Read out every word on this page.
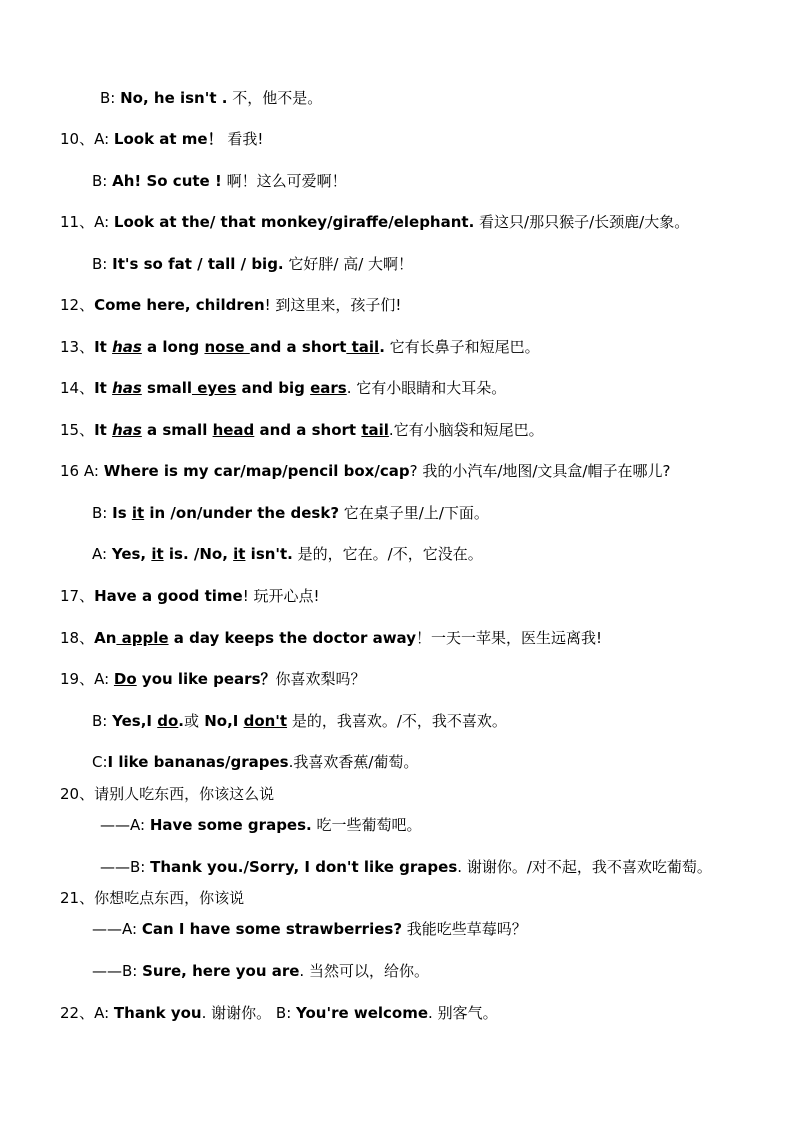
B: No, he isn't . 不，他不是。
10、A: Look at me！ 看我!
B: Ah! So cute ! 啊！这么可爱啊！
11、A: Look at the/ that monkey/giraffe/elephant. 看这只/那只猴子/长颈鹿/大象。
B: It's so fat / tall / big. 它好胖/ 高/ 大啊！
12、Come here, children! 到这里来，孩子们!
13、It has a long nose and a short tail. 它有长鼻子和短尾巴。
14、It has small eyes and big ears. 它有小眼睛和大耳朵。
15、It has a small head and a short tail.它有小脑袋和短尾巴。
16 A: Where is my car/map/pencil box/cap? 我的小汽车/地图/文具盒/帽子在哪儿?
B: Is it in /on/under the desk? 它在桌子里/上/下面。
A: Yes, it is. /No, it isn't. 是的，它在。/不，它没在。
17、Have a good time! 玩开心点!
18、An apple a day keeps the doctor away！一天一苹果，医生远离我!
19、A: Do you like pears？你喜欢梨吗？
B: Yes,I do.或 No,I don't 是的，我喜欢。/不，我不喜欢。
C:I like bananas/grapes.我喜欢香蕉/葡萄。
20、请别人吃东西，你该这么说
——A: Have some grapes. 吃一些葡萄吧。
——B: Thank you./Sorry, I don't like grapes. 谢谢你。/对不起，我不喜欢吃葡萄。
21、你想吃点东西，你该说
——A: Can I have some strawberries? 我能吃些草莓吗？
——B: Sure, here you are. 当然可以，给你。
22、A: Thank you. 谢谢你。 B: You're welcome. 别客气。
